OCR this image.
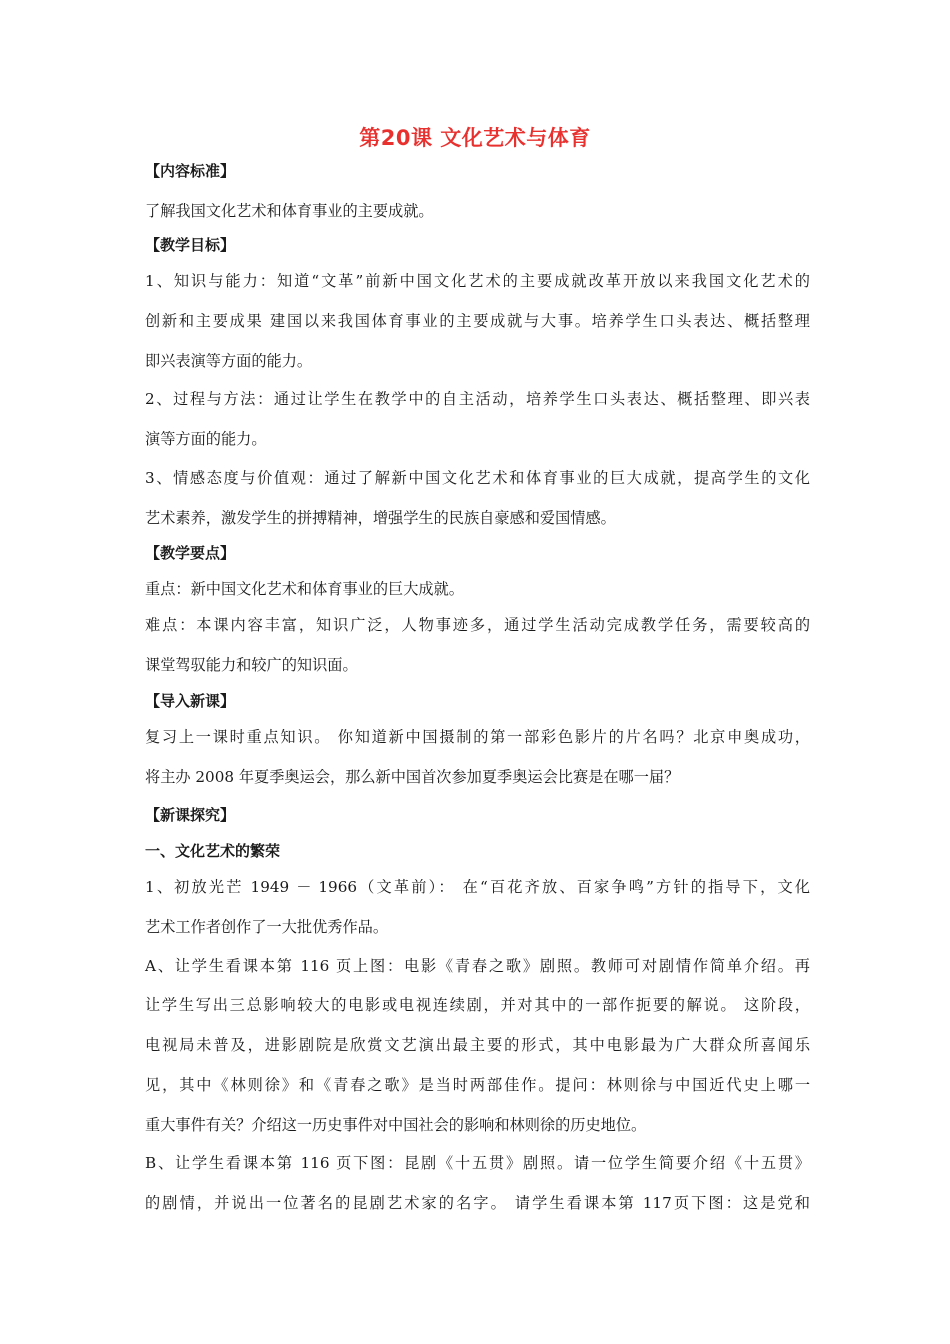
第20课 文化艺术与体育
【内容标准】
了解我国文化艺术和体育事业的主要成就。
【教学目标】
1、知识与能力：知道“文革”前新中国文化艺术的主要成就改革开放以来我国文化艺术的
创新和主要成果 建国以来我国体育事业的主要成就与大事。培养学生口头表达、概括整理
即兴表演等方面的能力。
2、过程与方法：通过让学生在教学中的自主活动，培养学生口头表达、概括整理、即兴表
演等方面的能力。
3、情感态度与价值观：通过了解新中国文化艺术和体育事业的巨大成就，提高学生的文化
艺术素养，激发学生的拼搏精神，增强学生的民族自豪感和爱国情感。
【教学要点】
重点：新中国文化艺术和体育事业的巨大成就。
难点：本课内容丰富，知识广泛，人物事迹多，通过学生活动完成教学任务，需要较高的
课堂驾驭能力和较广的知识面。
【导入新课】
复习上一课时重点知识。 你知道新中国摄制的第一部彩色影片的片名吗？北京申奥成功，
将主办 2008 年夏季奥运会，那么新中国首次参加夏季奥运会比赛是在哪一届？
【新课探究】
一、文化艺术的繁荣
1、初放光芒 1949 － 1966（文革前）： 在“百花齐放、百家争鸣”方针的指导下，文化
艺术工作者创作了一大批优秀作品。
A、让学生看课本第 116 页上图：电影《青春之歌》剧照。教师可对剧情作简单介绍。再
让学生写出三总影响较大的电影或电视连续剧，并对其中的一部作扼要的解说。 这阶段，
电视局未普及，进影剧院是欣赏文艺演出最主要的形式，其中电影最为广大群众所喜闻乐
见，其中《林则徐》和《青春之歌》是当时两部佳作。提问：林则徐与中国近代史上哪一
重大事件有关？介绍这一历史事件对中国社会的影响和林则徐的历史地位。
B、让学生看课本第 116 页下图：昆剧《十五贯》剧照。请一位学生简要介绍《十五贯》
的剧情，并说出一位著名的昆剧艺术家的名字。 请学生看课本第 117页下图：这是党和
